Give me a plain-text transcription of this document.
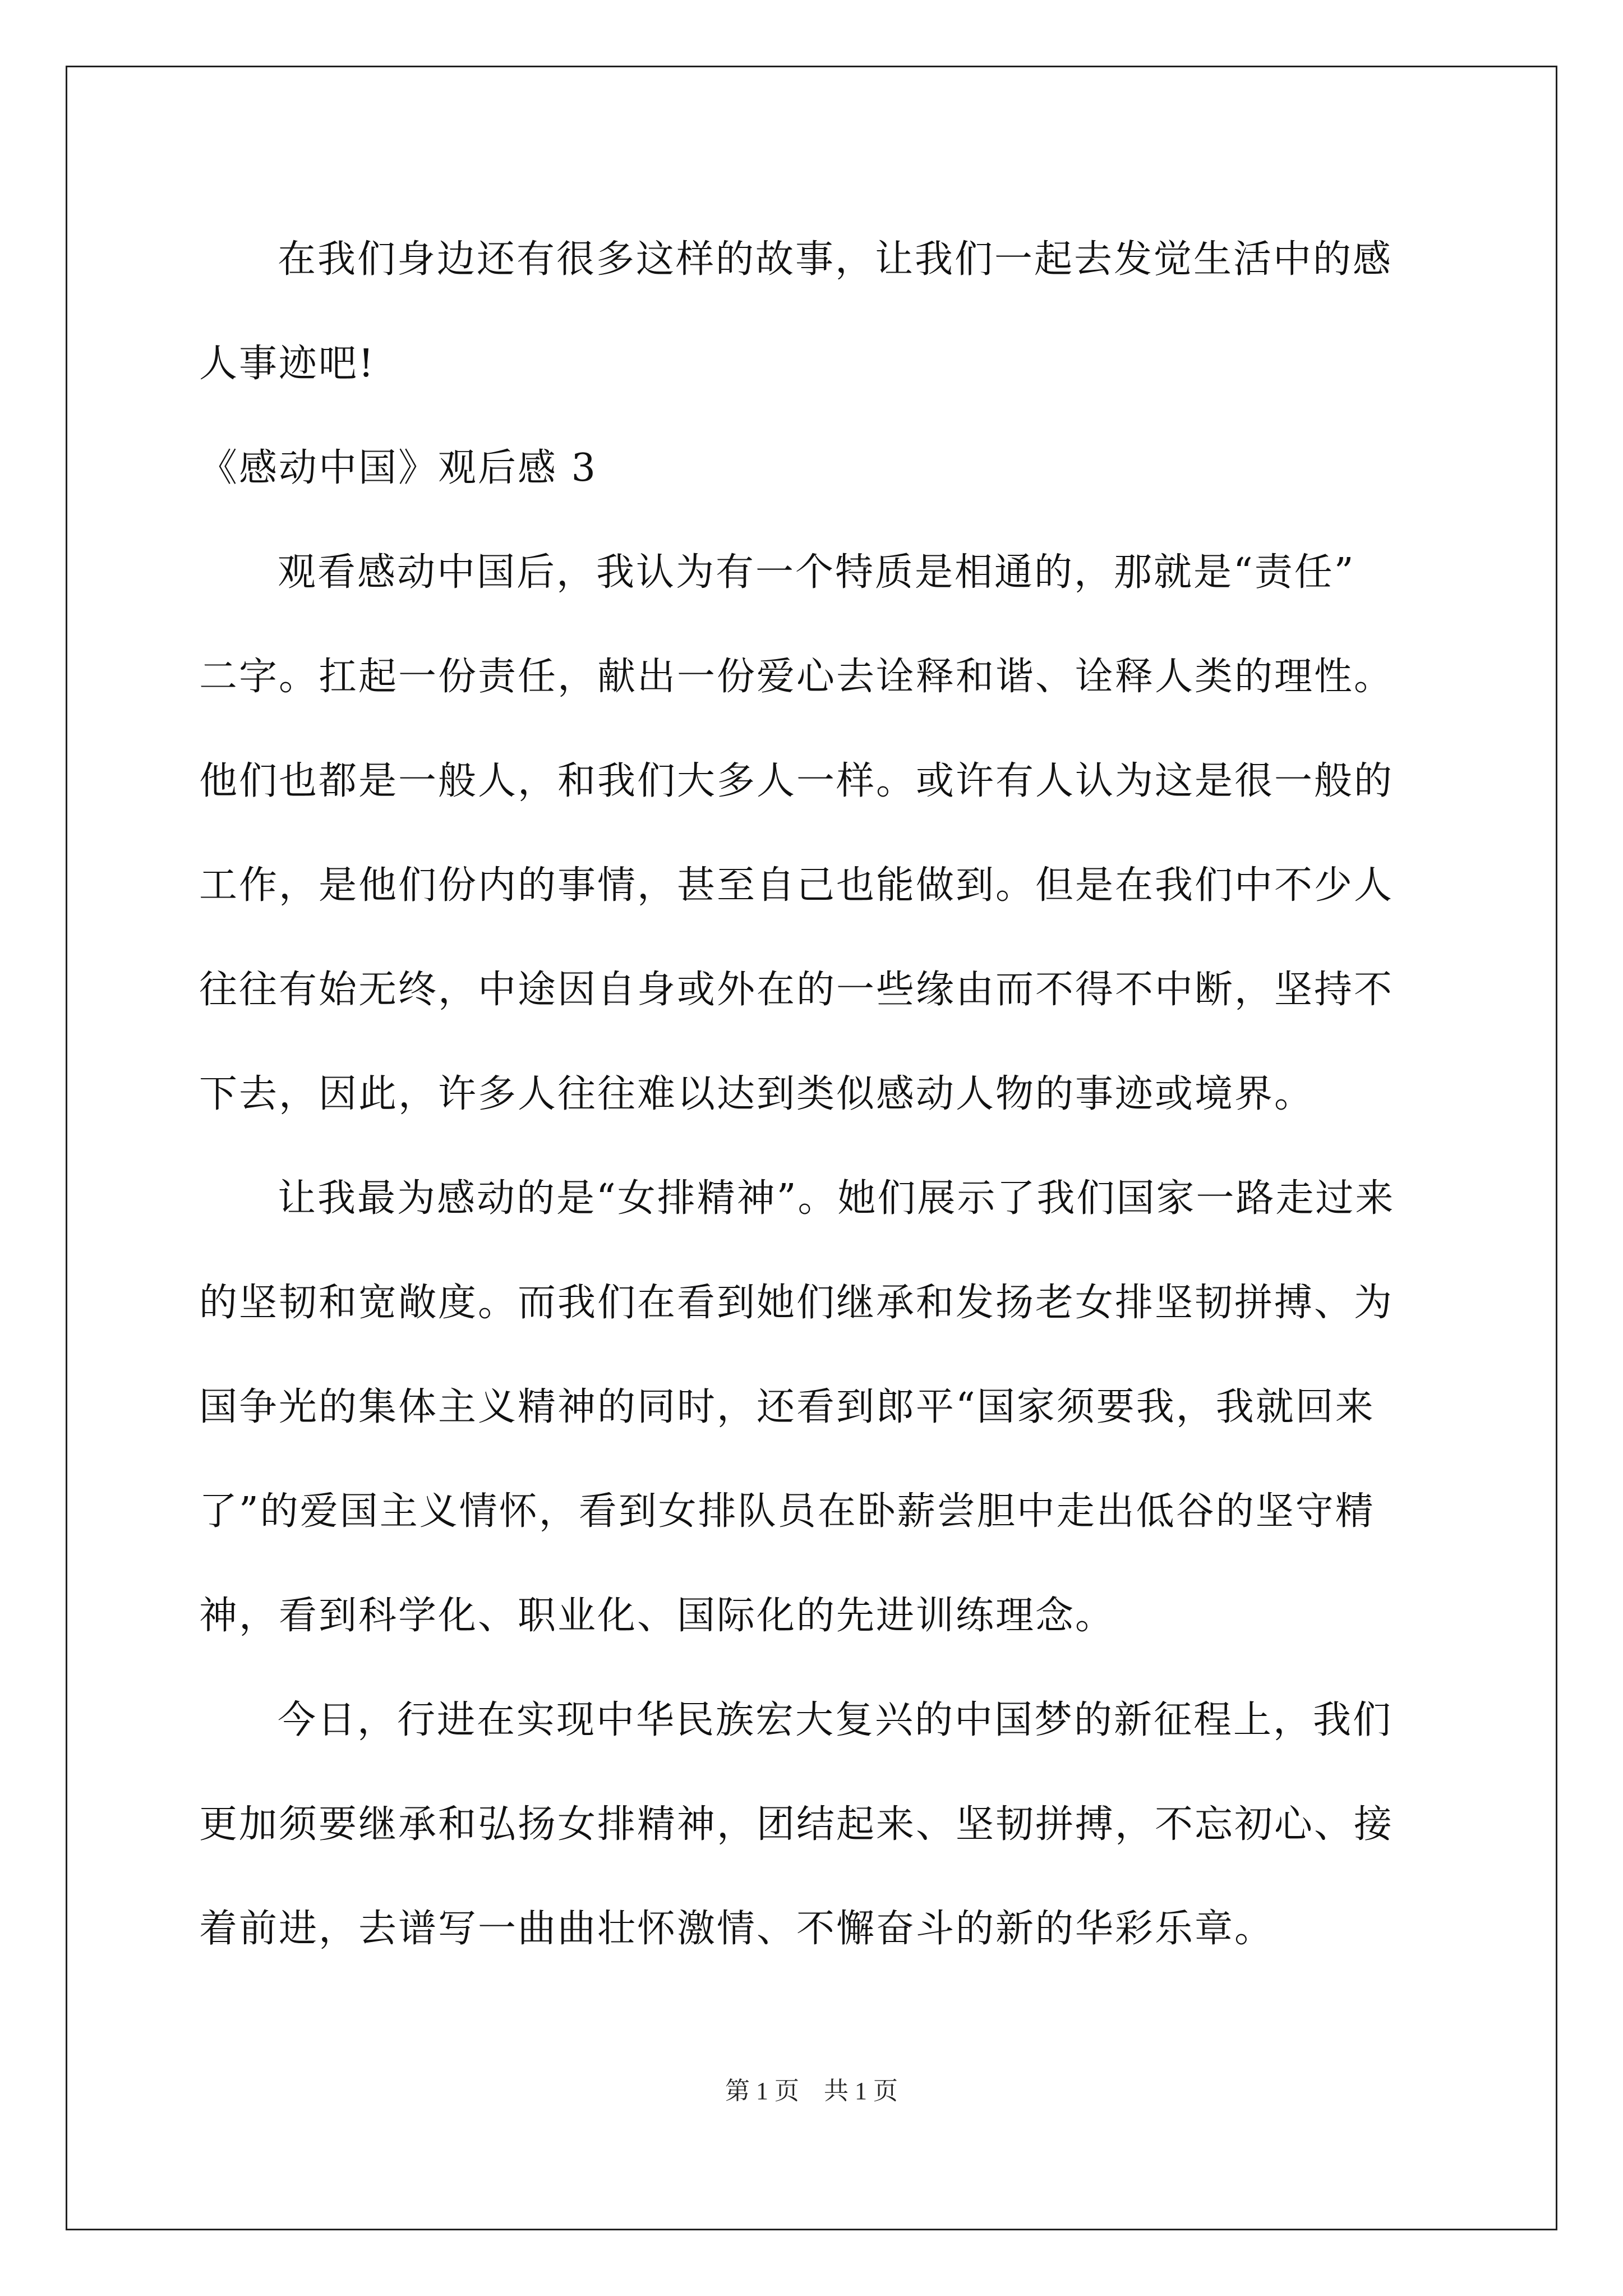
在我们身边还有很多这样的故事，让我们一起去发觉生活中的感
人事迹吧!
《感动中国》观后感 3
观看感动中国后，我认为有一个特质是相通的，那就是“责任”
二字。扛起一份责任，献出一份爱心去诠释和谐、诠释人类的理性。
他们也都是一般人，和我们大多人一样。或许有人认为这是很一般的
工作，是他们份内的事情，甚至自己也能做到。但是在我们中不少人
往往有始无终，中途因自身或外在的一些缘由而不得不中断，坚持不
下去，因此，许多人往往难以达到类似感动人物的事迹或境界。
让我最为感动的是“女排精神”。她们展示了我们国家一路走过来
的坚韧和宽敞度。而我们在看到她们继承和发扬老女排坚韧拼搏、为
国争光的集体主义精神的同时，还看到郎平“国家须要我，我就回来
了”的爱国主义情怀，看到女排队员在卧薪尝胆中走出低谷的坚守精
神，看到科学化、职业化、国际化的先进训练理念。
今日，行进在实现中华民族宏大复兴的中国梦的新征程上，我们
更加须要继承和弘扬女排精神，团结起来、坚韧拼搏，不忘初心、接
着前进，去谱写一曲曲壮怀激情、不懈奋斗的新的华彩乐章。
第 1 页　共 1 页
